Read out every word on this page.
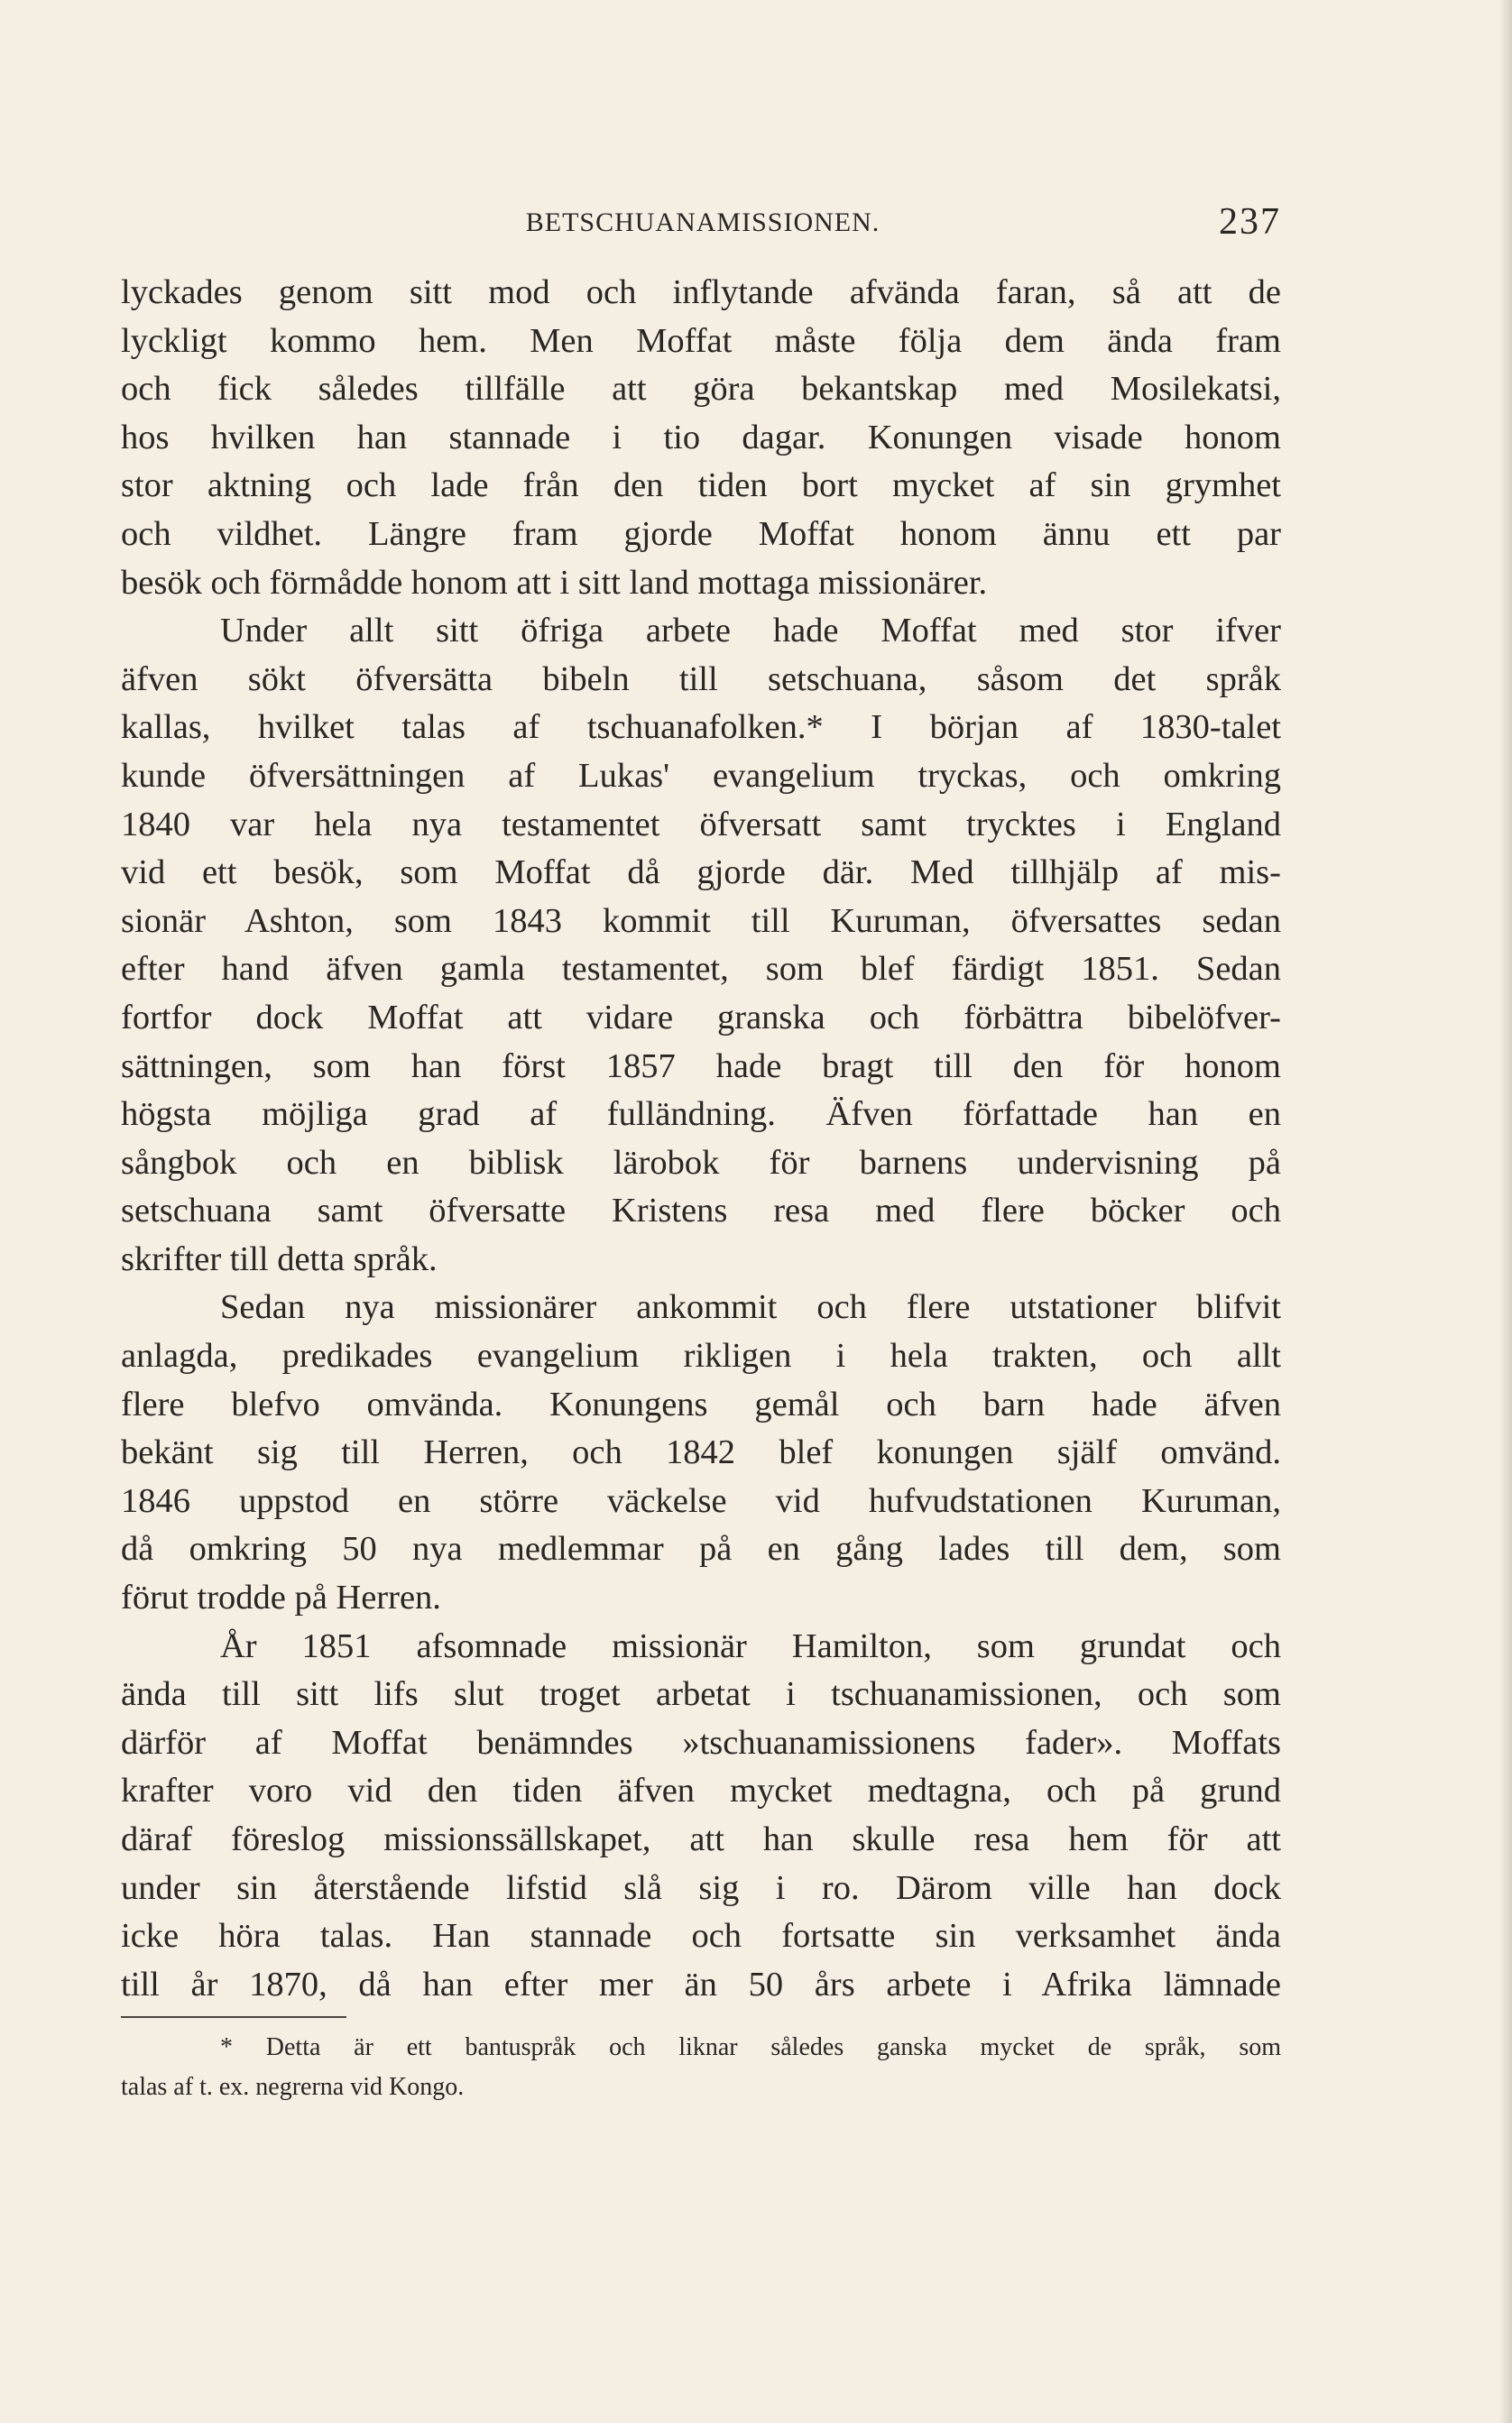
BETSCHUANAMISSIONEN.	237
lyckades genom sitt mod och inflytande afvända faran, så att de
lyckligt kommo hem. Men Moffat måste följa dem ända fram
och fick således tillfälle att göra bekantskap med Mosilekatsi,
hos hvilken han stannade i tio dagar. Konungen visade honom
stor aktning och lade från den tiden bort mycket af sin grymhet
och vildhet. Längre fram gjorde Moffat honom ännu ett par
besök och förmådde honom att i sitt land mottaga missionärer.
Under allt sitt öfriga arbete hade Moffat med stor ifver
äfven sökt öfversätta bibeln till setschuana, såsom det språk
kallas, hvilket talas af tschuanafolken.* I början af 1830-talet
kunde öfversättningen af Lukas' evangelium tryckas, och omkring
1840 var hela nya testamentet öfversatt samt trycktes i England
vid ett besök, som Moffat då gjorde där. Med tillhjälp af mis-
sionär Ashton, som 1843 kommit till Kuruman, öfversattes sedan
efter hand äfven gamla testamentet, som blef färdigt 1851. Sedan
fortfor dock Moffat att vidare granska och förbättra bibelöfver-
sättningen, som han först 1857 hade bragt till den för honom
högsta möjliga grad af fulländning. Äfven författade han en
sångbok och en biblisk lärobok för barnens undervisning på
setschuana samt öfversatte Kristens resa med flere böcker och
skrifter till detta språk.
Sedan nya missionärer ankommit och flere utstationer blifvit
anlagda, predikades evangelium rikligen i hela trakten, och allt
flere blefvo omvända. Konungens gemål och barn hade äfven
bekänt sig till Herren, och 1842 blef konungen själf omvänd.
1846 uppstod en större väckelse vid hufvudstationen Kuruman,
då omkring 50 nya medlemmar på en gång lades till dem, som
förut trodde på Herren.
År 1851 afsomnade missionär Hamilton, som grundat och
ända till sitt lifs slut troget arbetat i tschuanamissionen, och som
därför af Moffat benämndes »tschuanamissionens fader». Moffats
krafter voro vid den tiden äfven mycket medtagna, och på grund
däraf föreslog missionssällskapet, att han skulle resa hem för att
under sin återstående lifstid slå sig i ro. Därom ville han dock
icke höra talas. Han stannade och fortsatte sin verksamhet ända
till år 1870, då han efter mer än 50 års arbete i Afrika lämnade
* Detta är ett bantuspråk och liknar således ganska mycket de språk, som
talas af t. ex. negrerna vid Kongo.
